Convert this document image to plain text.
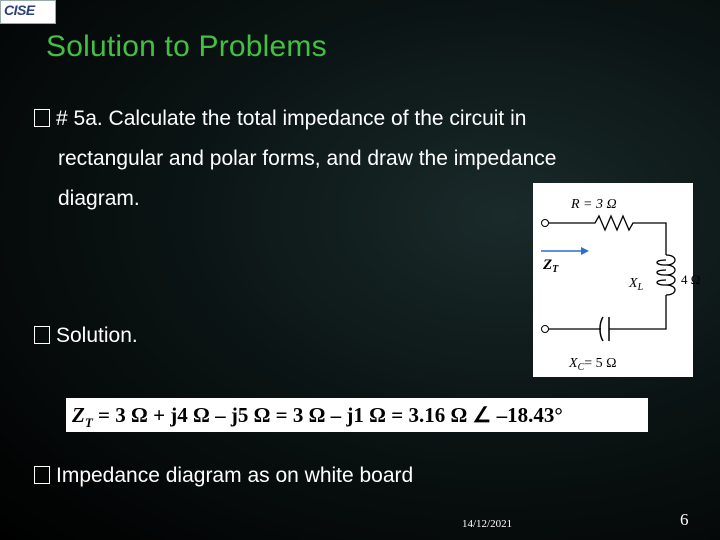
CISE
Solution to Problems
# 5a. Calculate the total impedance of the circuit in
rectangular and polar forms, and draw the impedance
diagram.
Solution.
R = 3 Ω
$Z_T$
$X_L$
4 Ω
$X_C= 5$ Ω
$Z_T = 3$ Ω + j4 Ω – j5 Ω = 3 Ω – j1 Ω = 3.16 Ω ∠ –18.43°
Impedance diagram as on white board
14/12/2021	6
